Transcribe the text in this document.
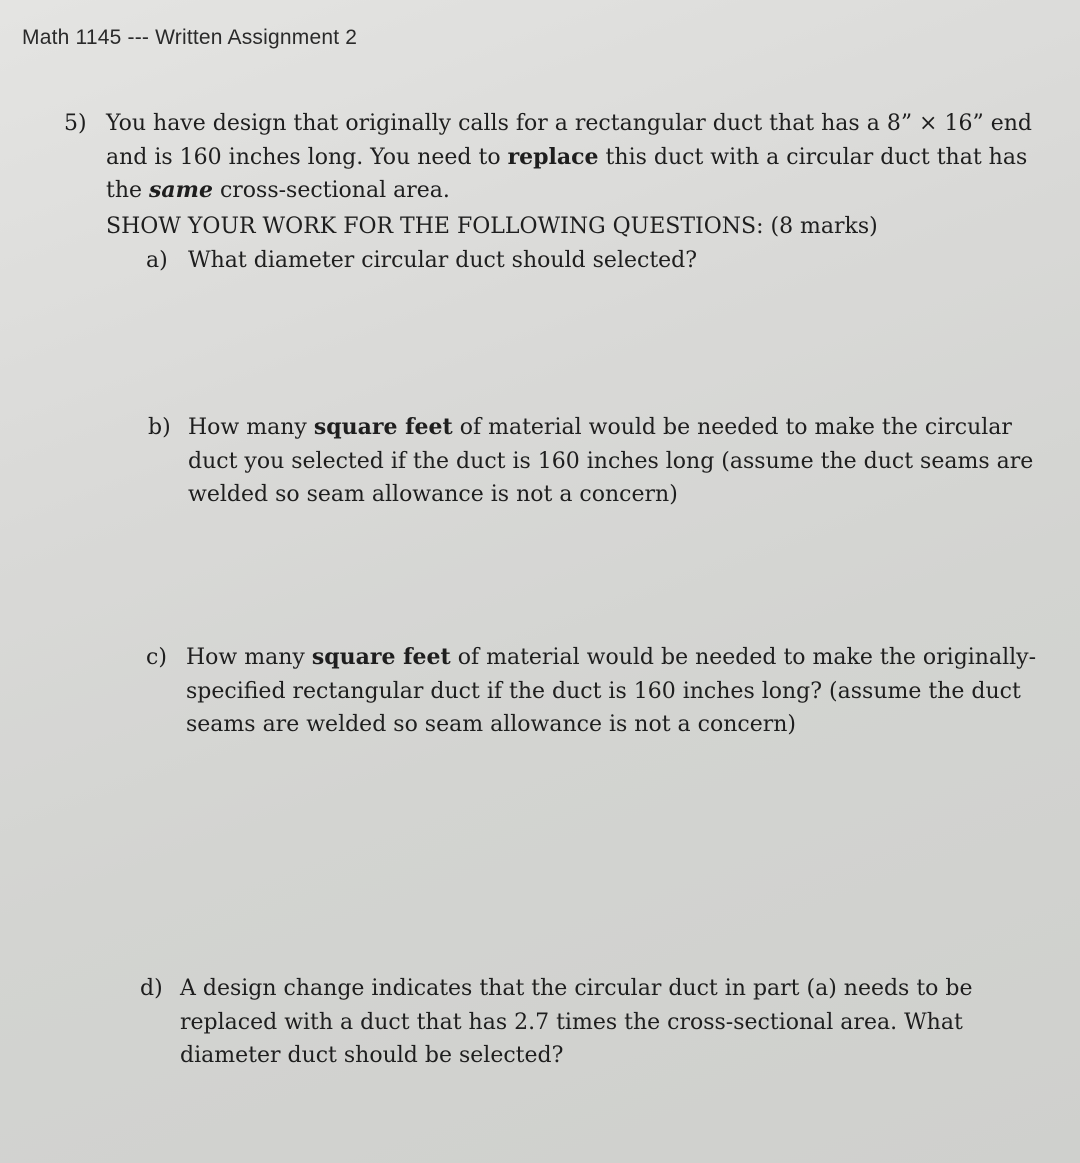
Math 1145 --- Written Assignment 2
5) You have design that originally calls for a rectangular duct that has a 8” × 16” end and is 160 inches long. You need to replace this duct with a circular duct that has the same cross-sectional area.
SHOW YOUR WORK FOR THE FOLLOWING QUESTIONS: (8 marks)
a) What diameter circular duct should selected?
b) How many square feet of material would be needed to make the circular duct you selected if the duct is 160 inches long (assume the duct seams are welded so seam allowance is not a concern)
c) How many square feet of material would be needed to make the originally-specified rectangular duct if the duct is 160 inches long? (assume the duct seams are welded so seam allowance is not a concern)
d) A design change indicates that the circular duct in part (a) needs to be replaced with a duct that has 2.7 times the cross-sectional area. What diameter duct should be selected?
